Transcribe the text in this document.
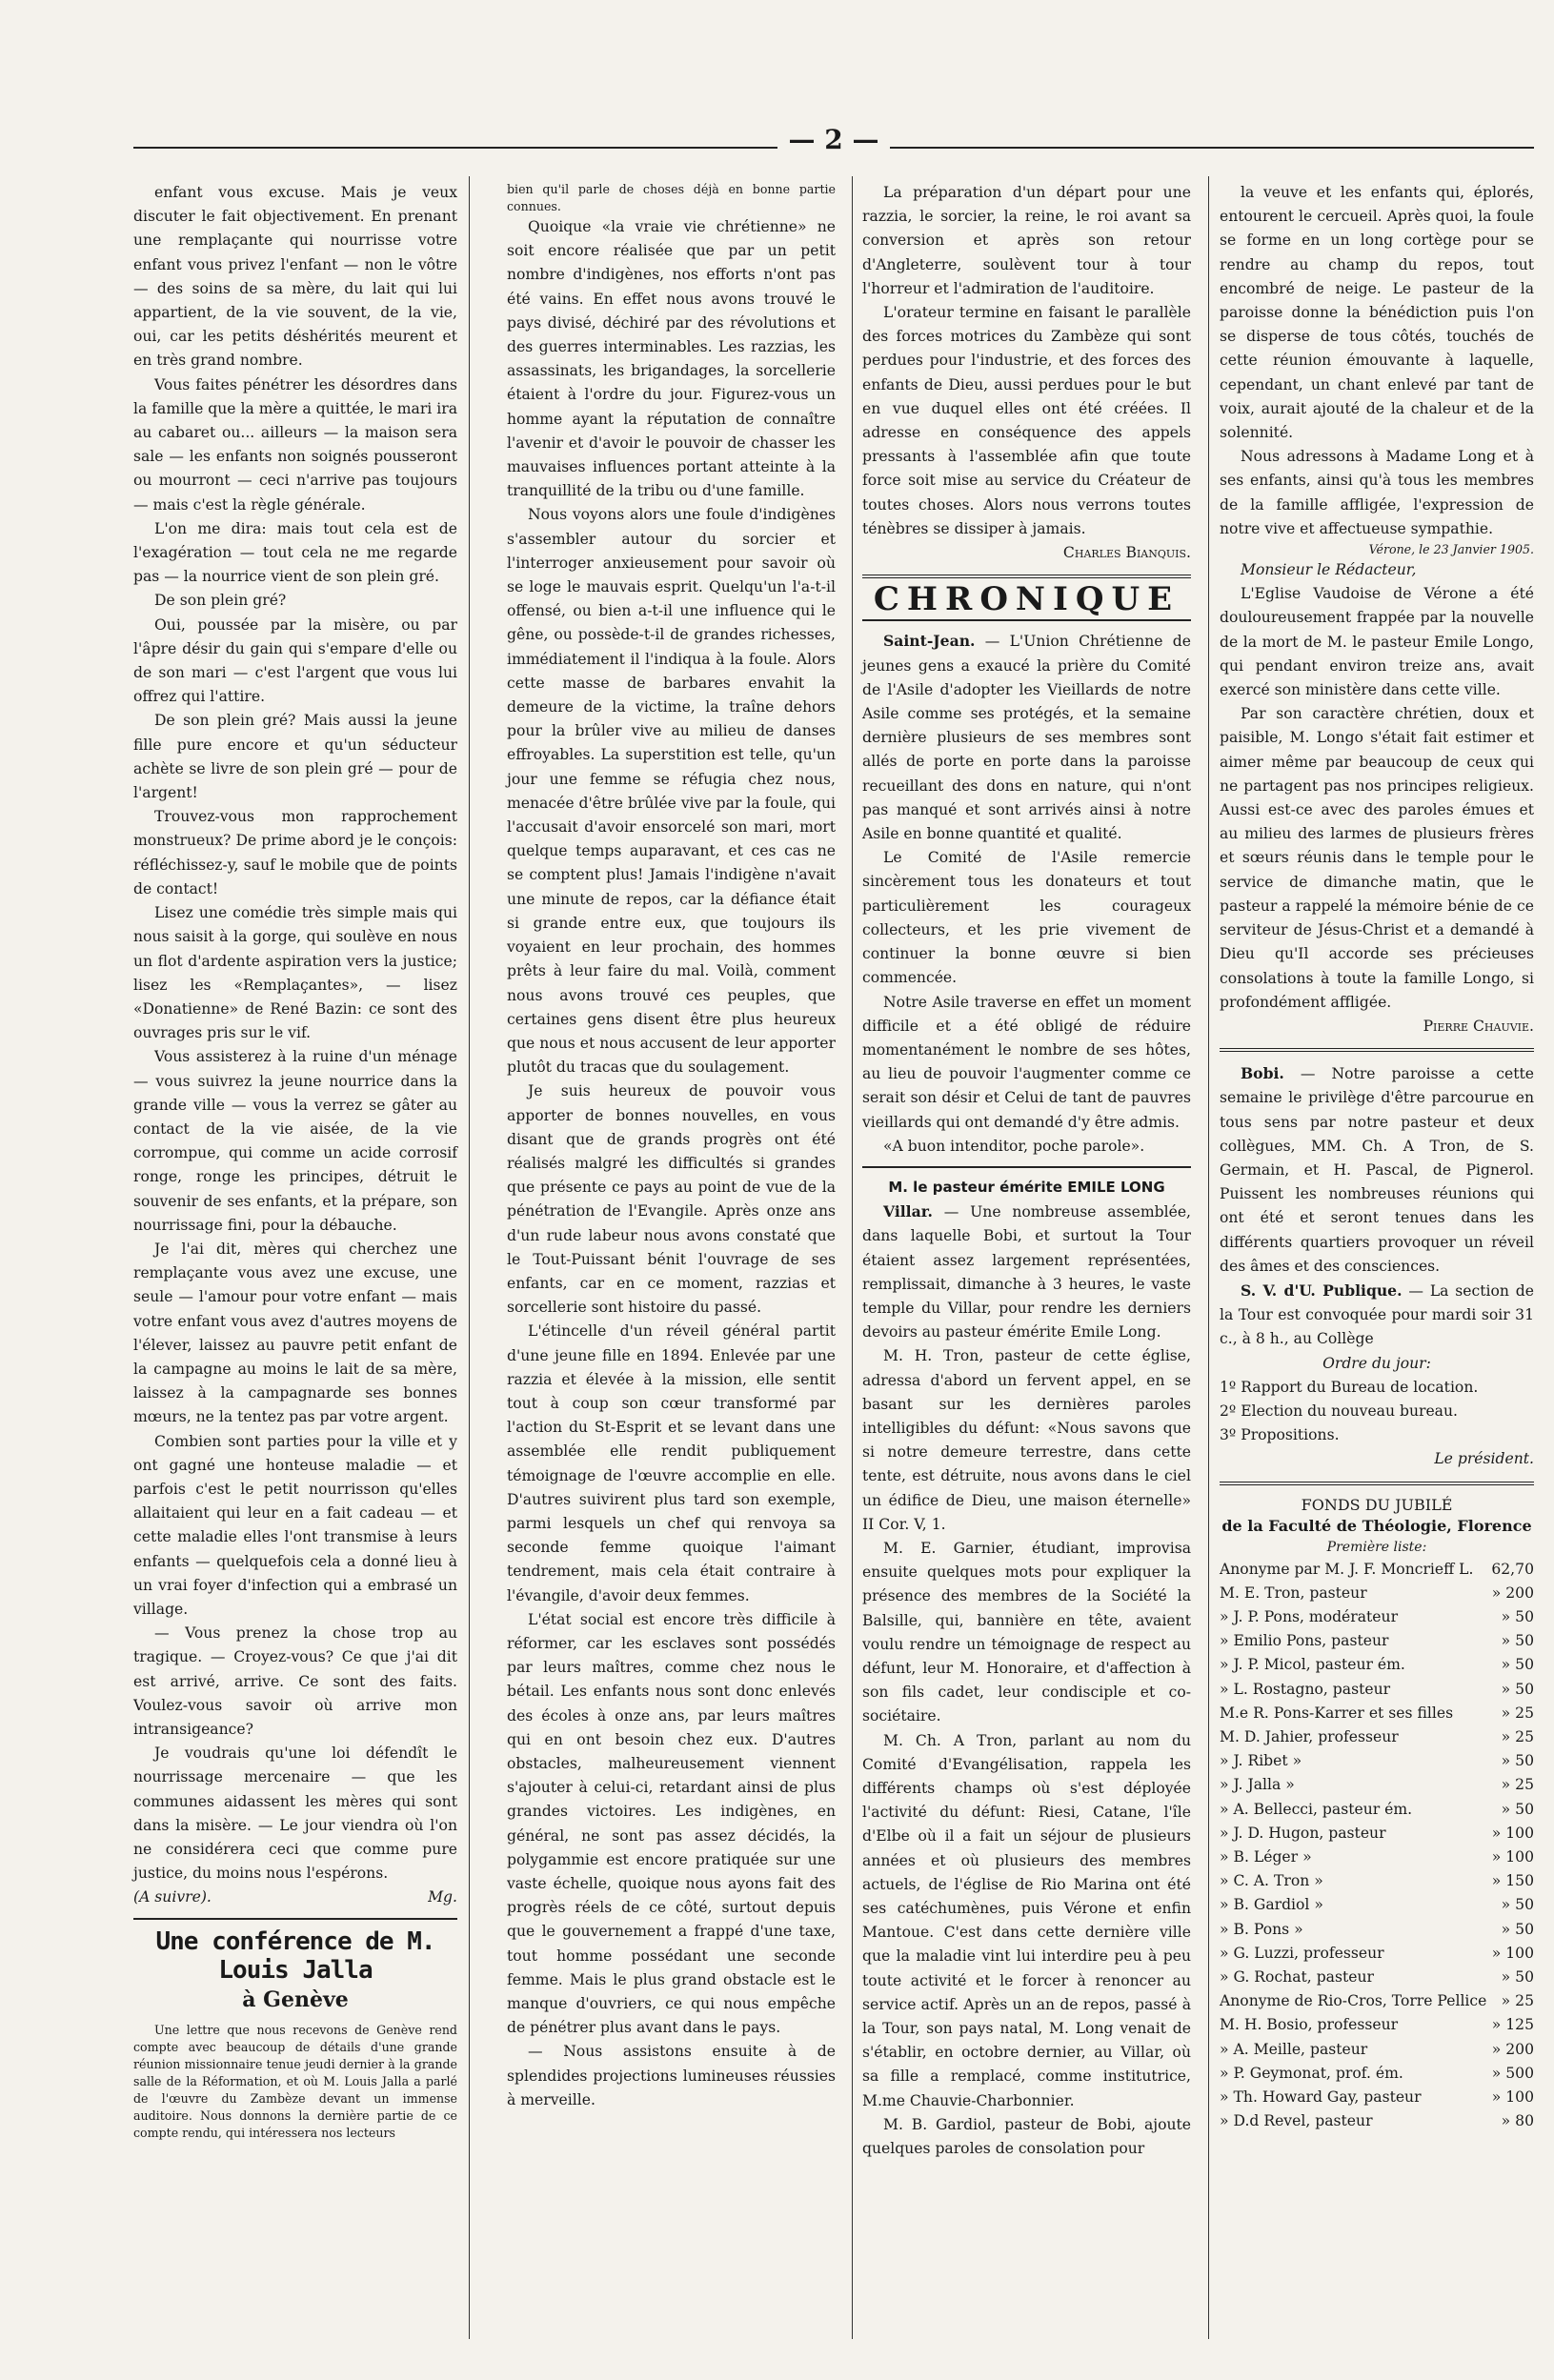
— 2 —

enfant vous excuse. Mais je veux discuter le fait objectivement. En prenant une remplaçante qui nourrisse votre enfant vous privez l'enfant — non le vôtre — des soins de sa mère, du lait qui lui appartient, de la vie souvent, de la vie, oui, car les petits déshérités meurent et en très grand nombre.

Vous faites pénétrer les désordres dans la famille que la mère a quittée, le mari ira au cabaret ou... ailleurs — la maison sera sale — les enfants non soignés pousseront ou mourront — ceci n'arrive pas toujours — mais c'est la règle générale.

L'on me dira: mais tout cela est de l'exagération — tout cela ne me regarde pas — la nourrice vient de son plein gré.

De son plein gré?

Oui, poussée par la misère, ou par l'âpre désir du gain qui s'empare d'elle ou de son mari — c'est l'argent que vous lui offrez qui l'attire.

De son plein gré? Mais aussi la jeune fille pure encore et qu'un séducteur achète se livre de son plein gré — pour de l'argent!

Trouvez-vous mon rapprochement monstrueux? De prime abord je le conçois: réfléchissez-y, sauf le mobile que de points de contact!

Lisez une comédie très simple mais qui nous saisit à la gorge, qui soulève en nous un flot d'ardente aspiration vers la justice; lisez les «Remplaçantes», — lisez «Donatienne» de René Bazin: ce sont des ouvrages pris sur le vif.

Vous assisterez à la ruine d'un ménage — vous suivrez la jeune nourrice dans la grande ville — vous la verrez se gâter au contact de la vie aisée, de la vie corrompue, qui comme un acide corrosif ronge, ronge les principes, détruit le souvenir de ses enfants, et la prépare, son nourrissage fini, pour la débauche.

Je l'ai dit, mères qui cherchez une remplaçante vous avez une excuse, une seule — l'amour pour votre enfant — mais votre enfant vous avez d'autres moyens de l'élever, laissez au pauvre petit enfant de la campagne au moins le lait de sa mère, laissez à la campagnarde ses bonnes mœurs, ne la tentez pas par votre argent.

Combien sont parties pour la ville et y ont gagné une honteuse maladie — et parfois c'est le petit nourrisson qu'elles allaitaient qui leur en a fait cadeau — et cette maladie elles l'ont transmise à leurs enfants — quelquefois cela a donné lieu à un vrai foyer d'infection qui a embrasé un village.

— Vous prenez la chose trop au tragique. — Croyez-vous? Ce que j'ai dit est arrivé, arrive. Ce sont des faits. Voulez-vous savoir où arrive mon intransigeance?

Je voudrais qu'une loi défendît le nourrissage mercenaire — que les communes aidassent les mères qui sont dans la misère. — Le jour viendra où l'on ne considérera ceci que comme pure justice, du moins nous l'espérons.

(A suivre).	Mg.
Une conférence de M. Louis Jalla
à Genève

Une lettre que nous recevons de Genève rend compte avec beaucoup de détails d'une grande réunion missionnaire tenue jeudi dernier à la grande salle de la Réformation, et où M. Louis Jalla a parlé de l'œuvre du Zambèze devant un immense auditoire. Nous donnons la dernière partie de ce compte rendu, qui intéressera nos lecteurs

bien qu'il parle de choses déjà en bonne partie connues.

Quoique «la vraie vie chrétienne» ne soit encore réalisée que par un petit nombre d'indigènes, nos efforts n'ont pas été vains. En effet nous avons trouvé le pays divisé, déchiré par des révolutions et des guerres interminables. Les razzias, les assassinats, les brigandages, la sorcellerie étaient à l'ordre du jour. Figurez-vous un homme ayant la réputation de connaître l'avenir et d'avoir le pouvoir de chasser les mauvaises influences portant atteinte à la tranquillité de la tribu ou d'une famille.

Nous voyons alors une foule d'indigènes s'assembler autour du sorcier et l'interroger anxieusement pour savoir où se loge le mauvais esprit. Quelqu'un l'a-t-il offensé, ou bien a-t-il une influence qui le gêne, ou possède-t-il de grandes richesses, immédiatement il l'indiqua à la foule. Alors cette masse de barbares envahit la demeure de la victime, la traîne dehors pour la brûler vive au milieu de danses effroyables. La superstition est telle, qu'un jour une femme se réfugia chez nous, menacée d'être brûlée vive par la foule, qui l'accusait d'avoir ensorcelé son mari, mort quelque temps auparavant, et ces cas ne se comptent plus! Jamais l'indigène n'avait une minute de repos, car la défiance était si grande entre eux, que toujours ils voyaient en leur prochain, des hommes prêts à leur faire du mal. Voilà, comment nous avons trouvé ces peuples, que certaines gens disent être plus heureux que nous et nous accusent de leur apporter plutôt du tracas que du soulagement.

Je suis heureux de pouvoir vous apporter de bonnes nouvelles, en vous disant que de grands progrès ont été réalisés malgré les difficultés si grandes que présente ce pays au point de vue de la pénétration de l'Evangile. Après onze ans d'un rude labeur nous avons constaté que le Tout-Puissant bénit l'ouvrage de ses enfants, car en ce moment, razzias et sorcellerie sont histoire du passé.

L'étincelle d'un réveil général partit d'une jeune fille en 1894. Enlevée par une razzia et élevée à la mission, elle sentit tout à coup son cœur transformé par l'action du St-Esprit et se levant dans une assemblée elle rendit publiquement témoignage de l'œuvre accomplie en elle. D'autres suivirent plus tard son exemple, parmi lesquels un chef qui renvoya sa seconde femme quoique l'aimant tendrement, mais cela était contraire à l'évangile, d'avoir deux femmes.

L'état social est encore très difficile à réformer, car les esclaves sont possédés par leurs maîtres, comme chez nous le bétail. Les enfants nous sont donc enlevés des écoles à onze ans, par leurs maîtres qui en ont besoin chez eux. D'autres obstacles, malheureusement viennent s'ajouter à celui-ci, retardant ainsi de plus grandes victoires. Les indigènes, en général, ne sont pas assez décidés, la polygammie est encore pratiquée sur une vaste échelle, quoique nous ayons fait des progrès réels de ce côté, surtout depuis que le gouvernement a frappé d'une taxe, tout homme possédant une seconde femme. Mais le plus grand obstacle est le manque d'ouvriers, ce qui nous empêche de pénétrer plus avant dans le pays.

— Nous assistons ensuite à de splendides projections lumineuses réussies à merveille.

La préparation d'un départ pour une razzia, le sorcier, la reine, le roi avant sa conversion et après son retour d'Angleterre, soulèvent tour à tour l'horreur et l'admiration de l'auditoire.

L'orateur termine en faisant le parallèle des forces motrices du Zambèze qui sont perdues pour l'industrie, et des forces des enfants de Dieu, aussi perdues pour le but en vue duquel elles ont été créées. Il adresse en conséquence des appels pressants à l'assemblée afin que toute force soit mise au service du Créateur de toutes choses. Alors nous verrons toutes ténèbres se dissiper à jamais.

Charles Bianquis.
CHRONIQUE

Saint-Jean. — L'Union Chrétienne de jeunes gens a exaucé la prière du Comité de l'Asile d'adopter les Vieillards de notre Asile comme ses protégés, et la semaine dernière plusieurs de ses membres sont allés de porte en porte dans la paroisse recueillant des dons en nature, qui n'ont pas manqué et sont arrivés ainsi à notre Asile en bonne quantité et qualité.

Le Comité de l'Asile remercie sincèrement tous les donateurs et tout particulièrement les courageux collecteurs, et les prie vivement de continuer la bonne œuvre si bien commencée.

Notre Asile traverse en effet un moment difficile et a été obligé de réduire momentanément le nombre de ses hôtes, au lieu de pouvoir l'augmenter comme ce serait son désir et Celui de tant de pauvres vieillards qui ont demandé d'y être admis.

«A buon intenditor, poche parole».

M. le pasteur émérite EMILE LONG

Villar. — Une nombreuse assemblée, dans laquelle Bobi, et surtout la Tour étaient assez largement représentées, remplissait, dimanche à 3 heures, le vaste temple du Villar, pour rendre les derniers devoirs au pasteur émérite Emile Long.

M. H. Tron, pasteur de cette église, adressa d'abord un fervent appel, en se basant sur les dernières paroles intelligibles du défunt: «Nous savons que si notre demeure terrestre, dans cette tente, est détruite, nous avons dans le ciel un édifice de Dieu, une maison éternelle» II Cor. V, 1.

M. E. Garnier, étudiant, improvisa ensuite quelques mots pour expliquer la présence des membres de la Société la Balsille, qui, bannière en tête, avaient voulu rendre un témoignage de respect au défunt, leur M. Honoraire, et d'affection à son fils cadet, leur condisciple et co-sociétaire.

M. Ch. A Tron, parlant au nom du Comité d'Evangélisation, rappela les différents champs où s'est déployée l'activité du défunt: Riesi, Catane, l'île d'Elbe où il a fait un séjour de plusieurs années et où plusieurs des membres actuels, de l'église de Rio Marina ont été ses catéchumènes, puis Vérone et enfin Mantoue. C'est dans cette dernière ville que la maladie vint lui interdire peu à peu toute activité et le forcer à renoncer au service actif. Après un an de repos, passé à la Tour, son pays natal, M. Long venait de s'établir, en octobre dernier, au Villar, où sa fille a remplacé, comme institutrice, M.me Chauvie-Charbonnier.

M. B. Gardiol, pasteur de Bobi, ajoute quelques paroles de consolation pour

la veuve et les enfants qui, éplorés, entourent le cercueil. Après quoi, la foule se forme en un long cortège pour se rendre au champ du repos, tout encombré de neige. Le pasteur de la paroisse donne la bénédiction puis l'on se disperse de tous côtés, touchés de cette réunion émouvante à laquelle, cependant, un chant enlevé par tant de voix, aurait ajouté de la chaleur et de la solennité.

Nous adressons à Madame Long et à ses enfants, ainsi qu'à tous les membres de la famille affligée, l'expression de notre vive et affectueuse sympathie.

Vérone, le 23 Janvier 1905.

Monsieur le Rédacteur,

L'Eglise Vaudoise de Vérone a été douloureusement frappée par la nouvelle de la mort de M. le pasteur Emile Longo, qui pendant environ treize ans, avait exercé son ministère dans cette ville.

Par son caractère chrétien, doux et paisible, M. Longo s'était fait estimer et aimer même par beaucoup de ceux qui ne partagent pas nos principes religieux. Aussi est-ce avec des paroles émues et au milieu des larmes de plusieurs frères et sœurs réunis dans le temple pour le service de dimanche matin, que le pasteur a rappelé la mémoire bénie de ce serviteur de Jésus-Christ et a demandé à Dieu qu'Il accorde ses précieuses consolations à toute la famille Longo, si profondément affligée.

Pierre Chauvie.

Bobi. — Notre paroisse a cette semaine le privilège d'être parcourue en tous sens par notre pasteur et deux collègues, MM. Ch. A Tron, de S. Germain, et H. Pascal, de Pignerol. Puissent les nombreuses réunions qui ont été et seront tenues dans les différents quartiers provoquer un réveil des âmes et des consciences.

S. V. d'U. Publique. — La section de la Tour est convoquée pour mardi soir 31 c., à 8 h., au Collège

Ordre du jour:
1º Rapport du Bureau de location.
2º Election du nouveau bureau.
3º Propositions.
Le président.
FONDS DU JUBILÉ
de la Faculté de Théologie, Florence
Première liste:
Anonyme par M. J. F. Moncrieff L. 62,70
M. E. Tron, pasteur	» 200
» J. P. Pons, modérateur	» 50
» Emilio Pons, pasteur	» 50
» J. P. Micol, pasteur ém.	» 50
» L. Rostagno, pasteur	» 50
M.e R. Pons-Karrer et ses filles	» 25
M. D. Jahier, professeur	» 25
» J. Ribet »	» 50
» J. Jalla »	» 25
» A. Bellecci, pasteur ém.	» 50
» J. D. Hugon, pasteur	» 100
» B. Léger »	» 100
» C. A. Tron »	» 150
» B. Gardiol »	» 50
» B. Pons »	» 50
» G. Luzzi, professeur	» 100
» G. Rochat, pasteur	» 50
Anonyme de Rio-Cros, Torre Pellice » 25
M. H. Bosio, professeur	» 125
» A. Meille, pasteur	» 200
» P. Geymonat, prof. ém.	» 500
» Th. Howard Gay, pasteur	» 100
» D.d Revel, pasteur	» 80
